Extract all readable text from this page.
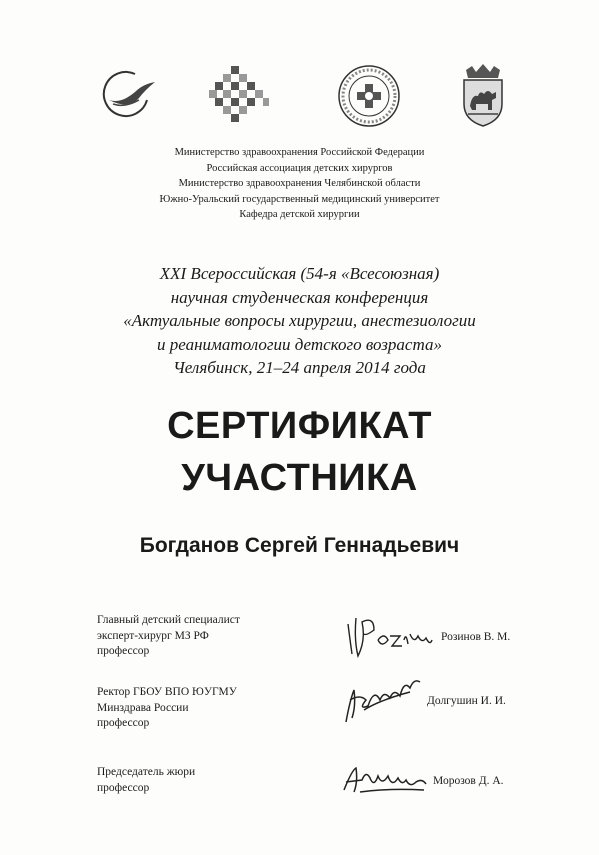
Министерство здравоохранения Российской Федерации
Российская ассоциация детских хирургов
Министерство здравоохранения Челябинской области
Южно-Уральский государственный медицинский университет
Кафедра детской хирургии
XXI Всероссийская (54-я «Всесоюзная)
научная студенческая конференция
«Актуальные вопросы хирургии, анестезиологии
и реаниматологии детского возраста»
Челябинск, 21–24 апреля 2014 года
СЕРТИФИКАТ
УЧАСТНИКА
Богданов Сергей Геннадьевич
Главный детский специалист
эксперт-хирург МЗ РФ
профессор
Розинов В. М.
Ректор ГБОУ ВПО ЮУГМУ
Минздрава России
профессор
Долгушин И. И.
Председатель жюри
профессор
Морозов Д. А.
